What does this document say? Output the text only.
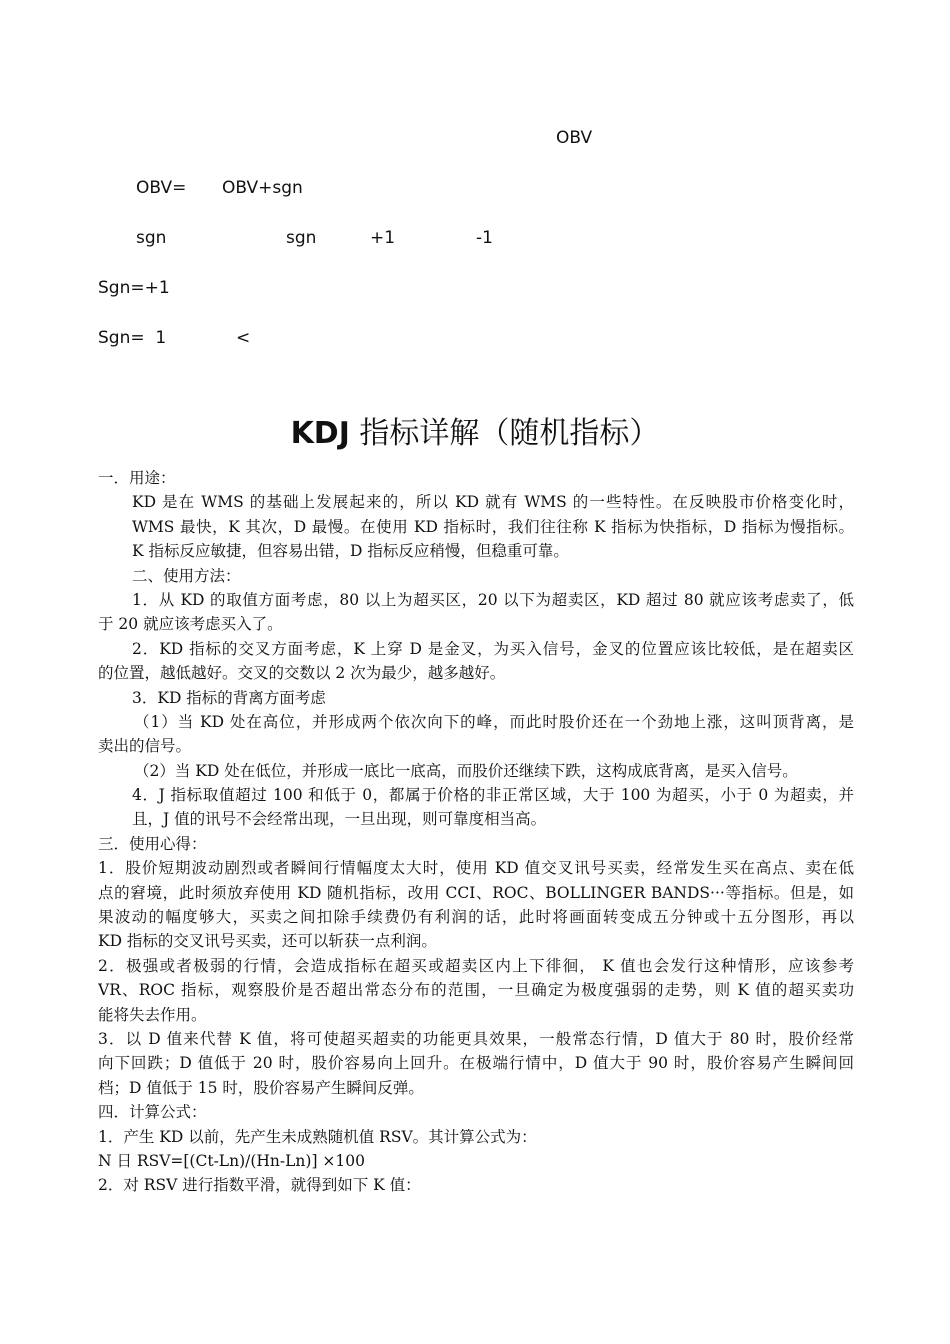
OBV
OBV= OBV+sgn
sgn	sgn	+1	-1
Sgn=+1
Sgn=  1	<
KDJ 指标详解（随机指标）
一．用途：
KD 是在 WMS 的基础上发展起来的，所以 KD 就有 WMS 的一些特性。在反映股市价格变化时，
WMS 最快，K 其次，D 最慢。在使用 KD 指标时，我们往往称 K 指标为快指标，D 指标为慢指标。
K 指标反应敏捷，但容易出错，D 指标反应稍慢，但稳重可靠。
二、使用方法：
1．从 KD 的取值方面考虑，80 以上为超买区，20 以下为超卖区，KD 超过 80 就应该考虑卖了，低
于 20 就应该考虑买入了。
2．KD 指标的交叉方面考虑，K 上穿 D 是金叉，为买入信号，金叉的位置应该比较低，是在超卖区
的位置，越低越好。交叉的交数以 2 次为最少，越多越好。
3．KD 指标的背离方面考虑
（1）当 KD 处在高位，并形成两个依次向下的峰，而此时股价还在一个劲地上涨，这叫顶背离，是
卖出的信号。
（2）当 KD 处在低位，并形成一底比一底高，而股价还继续下跌，这构成底背离，是买入信号。
4．J 指标取值超过 100 和低于 0，都属于价格的非正常区域，大于 100 为超买，小于 0 为超卖，并
且，J 值的讯号不会经常出现，一旦出现，则可靠度相当高。
三．使用心得：
1．股价短期波动剧烈或者瞬间行情幅度太大时，使用 KD 值交叉讯号买卖，经常发生买在高点、卖在低
点的窘境，此时须放弃使用 KD 随机指标，改用 CCI、ROC、BOLLINGER BANDS···等指标。但是，如
果波动的幅度够大，买卖之间扣除手续费仍有利润的话，此时将画面转变成五分钟或十五分图形，再以
KD 指标的交叉讯号买卖，还可以斩获一点利润。
2．极强或者极弱的行情，会造成指标在超买或超卖区内上下徘徊， K 值也会发行这种情形，应该参考
VR、ROC 指标，观察股价是否超出常态分布的范围，一旦确定为极度强弱的走势，则 K 值的超买卖功
能将失去作用。
3．以 D 值来代替 K 值，将可使超买超卖的功能更具效果，一般常态行情，D 值大于 80 时，股价经常
向下回跌；D 值低于 20 时，股价容易向上回升。在极端行情中，D 值大于 90 时，股价容易产生瞬间回
档；D 值低于 15 时，股价容易产生瞬间反弹。
四．计算公式：
1．产生 KD 以前，先产生未成熟随机值 RSV。其计算公式为：
N 日 RSV=[(Ct-Ln)/(Hn-Ln)] ×100
2．对 RSV 进行指数平滑，就得到如下 K 值：
